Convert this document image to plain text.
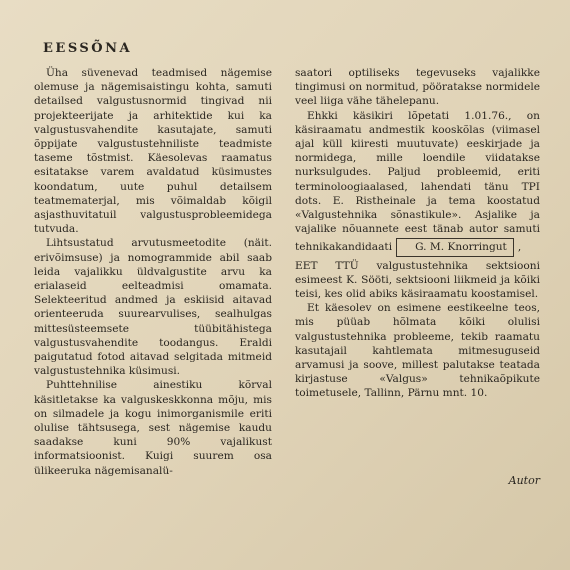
EESSÕNA

Üha süvenevad teadmised nägemise olemuse ja nägemisaistingu kohta, samuti detailsed valgustusnormid tingivad nii projekteerijate ja arhitektide kui ka valgustusvahendite kasutajate, samuti õppijate valgustustehniliste teadmiste taseme tõstmist. Käesolevas raamatus esitatakse varem avaldatud küsimustes koondatum, uute puhul detailsem teatmematerjal, mis võimaldab kõigil asjasthuvitatuil valgustusprobleemidega tutvuda.

Lihtsustatud arvutusmeetodite (näit. erivõimsuse) ja nomogrammide abil saab leida vajalikku üldvalgustite arvu ka erialaseid eelteadmisi omamata. Selekteeritud andmed ja eskiisid aitavad orienteeruda suurearvulises, sealhulgas mittesüsteemsete tüübitähistega valgustusvahendite toodangus. Eraldi paigutatud fotod aitavad selgitada mitmeid valgustustehnika küsimusi.

Puhttehnilise ainestiku kõrval käsitletakse ka valguskeskkonna mõju, mis on silmadele ja kogu inimorganismile eriti olulise tähtsusega, sest nägemise kaudu saadakse kuni 90% vajalikust informatsioonist. Kuigi suurem osa ülikeeruka nägemisanalü-

saatori optiliseks tegevuseks vajalikke tingimusi on normitud, pööratakse normidele veel liiga vähe tähelepanu.

Ehkki käsikiri lõpetati 1.01.76., on käsiraamatu andmestik kooskõlas (viimasel ajal küll kiiresti muutuvate) eeskirjade ja normidega, mille loendile viidatakse nurksulgudes. Paljud probleemid, eriti terminoloogiaalased, lahendati tänu TPI dots. E. Ristheinale ja tema koostatud «Valgustehnika sõnastikule». Asjalike ja vajalike nõuannete eest tänab autor samuti tehnikakandidaati G. M. Knorringut , EET TTÜ valgustustehnika sektsiooni esimeest K. Sööti, sektsiooni liikmeid ja kõiki teisi, kes olid abiks käsiraamatu koostamisel.

Et käesolev on esimene eestikeelne teos, mis püüab hõlmata kõiki olulisi valgustustehnika probleeme, tekib raamatu kasutajail kahtlemata mitmesuguseid arvamusi ja soove, millest palutakse teatada kirjastuse «Valgus» tehnikaõpikute toimetusele, Tallinn, Pärnu mnt. 10.

Autor
